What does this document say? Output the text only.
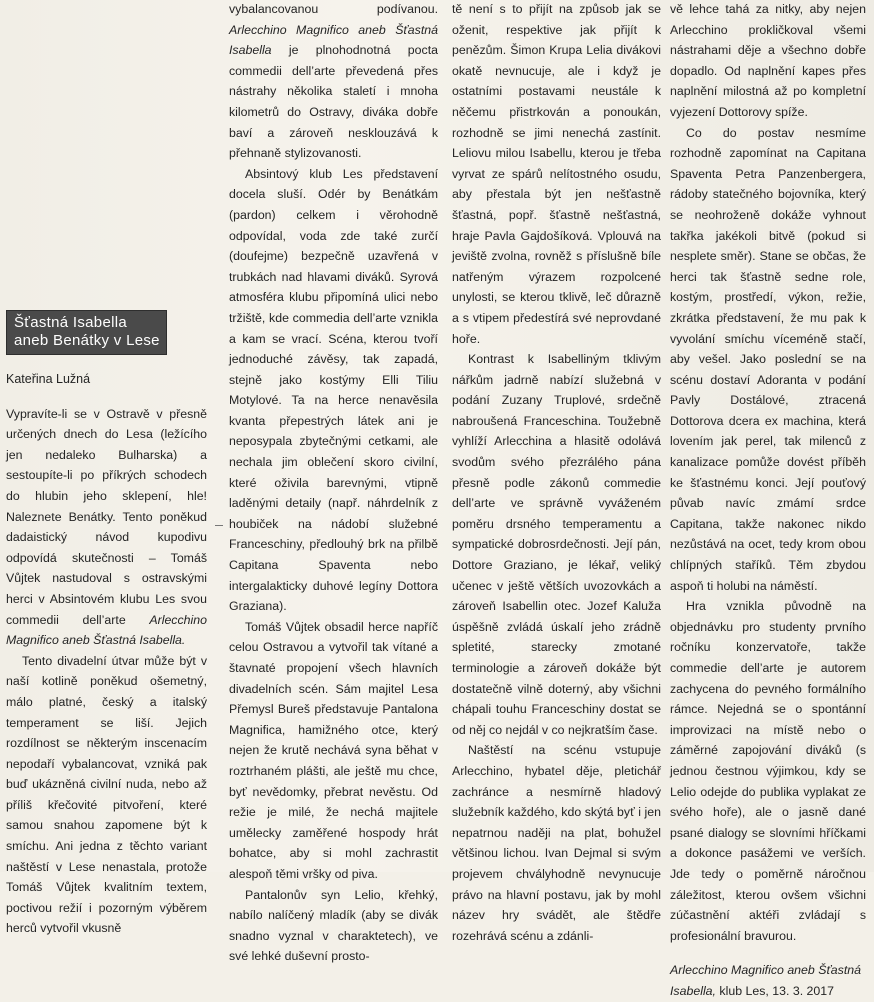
Šťastná Isabella
aneb Benátky v Lese
Kateřina Lužná

Vypravíte-li se v Ostravě v přesně určených dnech do Lesa (ležícího jen nedaleko Bulharska) a sestoupíte-li po příkrých schodech do hlubin jeho sklepení, hle! Naleznete Benátky. Tento poněkud dadaistický návod kupodivu odpovídá skutečnosti – Tomáš Vůjtek nastudoval s ostravskými herci v Absintovém klubu Les svou commedii dell’arte Arlecchino Magnifico aneb Šťastná Isabella.

Tento divadelní útvar může být v naší kotlině poněkud ošemetný, málo platné, český a italský temperament se liší. Jejich rozdílnost se některým inscenacím nepodaří vybalancovat, vzniká pak buď ukázněná civilní nuda, nebo až příliš křečovité pitvoření, které samou snahou zapomene být k smíchu. Ani jedna z těchto variant naštěstí v Lese nenastala, protože Tomáš Vůjtek kvalitním textem, poctivou režií i pozorným výběrem herců vytvořil vkusně

vybalancovanou podívanou. Arlecchino Magnifico aneb Šťastná Isabella je plnohodnotná pocta commedii dell’arte převedená přes nástrahy několika staletí i mnoha kilometrů do Ostravy, diváka dobře baví a zároveň nesklouzává k přehnaně stylizovanosti.

Absintový klub Les představení docela sluší. Odér by Benátkám (pardon) celkem i věrohodně odpovídal, voda zde také zurčí (doufejme) bezpečně uzavřená v trubkách nad hlavami diváků. Syrová atmosféra klubu připomíná ulici nebo tržiště, kde commedia dell’arte vznikla a kam se vrací. Scéna, kterou tvoří jednoduché závěsy, tak zapadá, stejně jako kostýmy Elli Tiliu Motylové. Ta na herce nenavěsila kvanta přepestrých látek ani je neposypala zbytečnými cetkami, ale nechala jim oblečení skoro civilní, které oživila barevnými, vtipně laděnými detaily (např. náhrdelník z houbiček na nádobí služebné Franceschiny, předlouhý brk na přilbě Capitana Spaventa nebo intergalakticky duhové legíny Dottora Graziana).

Tomáš Vůjtek obsadil herce napříč celou Ostravou a vytvořil tak vítané a štavnaté propojení všech hlavních divadelních scén. Sám majitel Lesa Přemysl Bureš představuje Pantalona Magnifica, hamižného otce, který nejen že krutě nechává syna běhat v roztrhaném plášti, ale ještě mu chce, byť nevědomky, přebrat nevěstu. Od režie je milé, že nechá majitele umělecky zaměřené hospody hrát bohatce, aby si mohl zachrastit alespoň těmi vršky od piva.

Pantalonův syn Lelio, křehký, nabílo nalíčený mladík (aby se divák snadno vyznal v charaktetech), ve své lehké duševní prosto-

tě není s to přijít na způsob jak se oženit, respektive jak přijít k penězům. Šimon Krupa Lelia divákovi okatě nevnucuje, ale i když je ostatními postavami neustále k něčemu přistrkován a ponoukán, rozhodně se jimi nenechá zastínit. Leliovu milou Isabellu, kterou je třeba vyrvat ze spárů nelítostného osudu, aby přestala být jen nešťastně šťastná, popř. šťastně nešťastná, hraje Pavla Gajdošíková. Vplouvá na jeviště zvolna, rovněž s příslušně bíle natřeným výrazem rozpolcené unylosti, se kterou tklivě, leč důrazně a s vtipem předestírá své neprovdané hoře.

Kontrast k Isabelliným tklivým nářkům jadrně nabízí služebná v podání Zuzany Truplové, srdečně nabroušená Franceschina. Toužebně vyhlíží Arlecchina a hlasitě odolává svodům svého přezrálého pána přesně podle zákonů commedie dell’arte ve správně vyváženém poměru drsného temperamentu a sympatické dobrosrdečnosti. Její pán, Dottore Graziano, je lékař, veliký učenec v ještě větších uvozovkách a zároveň Isabellin otec. Jozef Kaluža úspěšně zvládá úskalí jeho zrádně spletité, starecky zmotané terminologie a zároveň dokáže být dostatečně vilně doterný, aby všichni chápali touhu Franceschiny dostat se od něj co nejdál v co nejkratším čase.

Naštěstí na scénu vstupuje Arlecchino, hybatel děje, pletichář zachránce a nesmírně hladový služebník každého, kdo skýtá byť i jen nepatrnou naději na plat, bohužel většinou lichou. Ivan Dejmal si svým projevem chvályhodně nevynucuje právo na hlavní postavu, jak by mohl název hry svádět, ale štědře rozehrává scénu a zdánli-

vě lehce tahá za nitky, aby nejen Arlecchino prokličkoval všemi nástrahami děje a všechno dobře dopadlo. Od naplnění kapes přes naplnění milostná až po kompletní vyjezení Dottorovy spíže.

Co do postav nesmíme rozhodně zapomínat na Capitana Spaventa Petra Panzenbergera, rádoby statečného bojovníka, který se neohroženě dokáže vyhnout takřka jakékoli bitvě (pokud si nesplete směr). Stane se občas, že herci tak šťastně sedne role, kostým, prostředí, výkon, režie, zkrátka představení, že mu pak k vyvolání smíchu víceméně stačí, aby vešel. Jako poslední se na scénu dostaví Adoranta v podání Pavly Dostálové, ztracená Dottorova dcera ex machina, která lovením jak perel, tak milenců z kanalizace pomůže dovést příběh ke šťastnému konci. Její pouťový půvab navíc zmámí srdce Capitana, takže nakonec nikdo nezůstává na ocet, tedy krom obou chlípných staříků. Těm zbydou aspoň ti holubi na náměstí.

Hra vznikla původně na objednávku pro studenty prvního ročníku konzervatoře, takže commedie dell’arte je autorem zachycena do pevného formálního rámce. Nejedná se o spontánní improvizaci na místě nebo o záměrné zapojování diváků (s jednou čestnou výjimkou, kdy se Lelio odejde do publika vyplakat ze svého hoře), ale o jasně dané psané dialogy se slovními hříčkami a dokonce pasážemi ve verších. Jde tedy o poměrně náročnou záležitost, kterou ovšem všichni zúčastnění aktéři zvládají s profesionální bravurou.

Arlecchino Magnifico aneb Šťastná Isabella, klub Les, 13. 3. 2017
